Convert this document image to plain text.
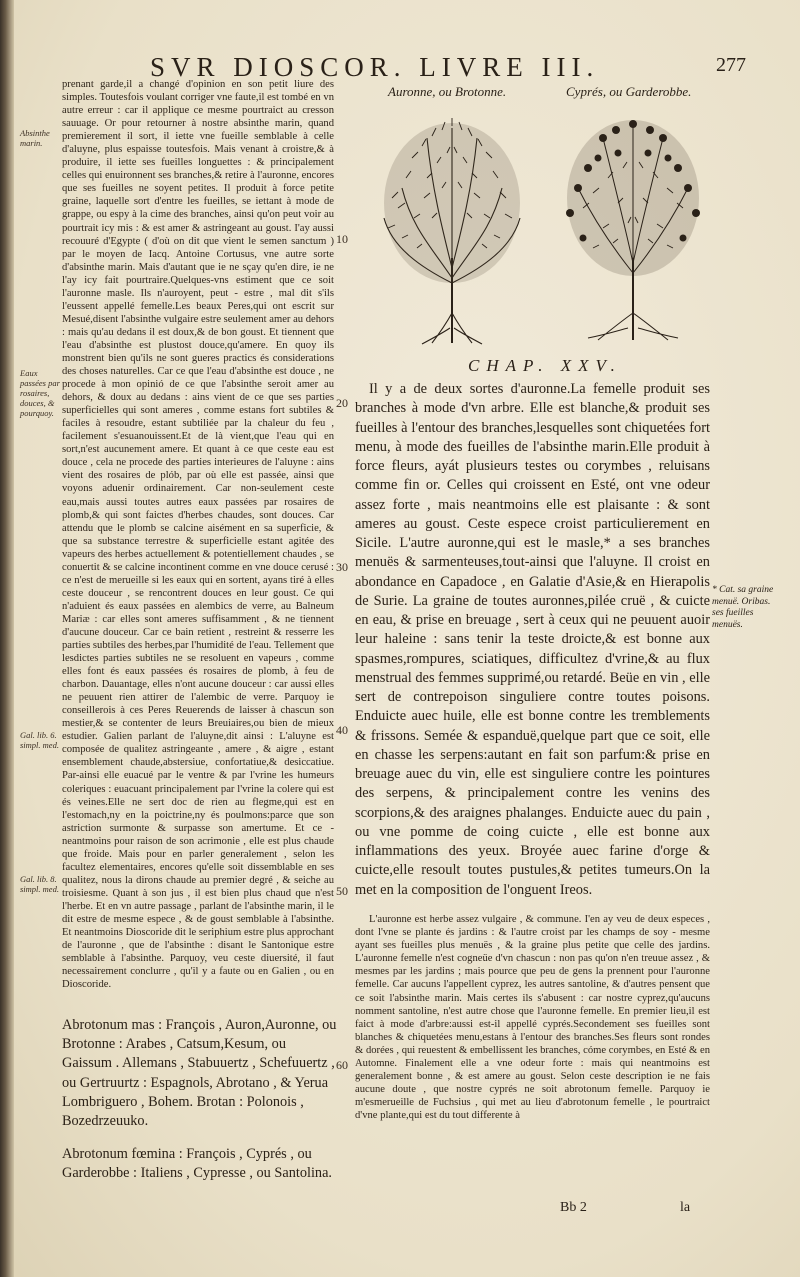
SVR DIOSCOR. LIVRE III.	277
Absinthe marin.
Eaux passées par rosaires, douces, & pourquoy.
Gal. lib. 6. simpl. med.
Gal. lib. 8. simpl. med.

prenant garde,il a changé d'opinion en son petit liure des simples. Toutesfois voulant corriger vne faute,il est tombé en vn autre erreur : car il applique ce mesme pourtraict au cresson sauuage. Or pour retourner à nostre absinthe marin, quand premierement il sort, il iette vne fueille semblable à celle d'aluyne, plus espaisse toutesfois. Mais venant à croistre,& à produire, il iette ses fueilles longuettes : & principalement celles qui enuironnent ses branches,& retire à l'auronne, encores que ses fueilles ne soyent petites. Il produit à force petite graine, laquelle sort d'entre les fueilles, se iettant à mode de grappe, ou espy à la cime des branches, ainsi qu'on peut voir au pourtrait icy mis : & est amer & astringeant au goust. I'ay aussi recouuré d'Egypte ( d'où on dit que vient le semen sanctum ) par le moyen de Iacq. Antoine Cortusus, vne autre sorte d'absinthe marin. Mais d'autant que ie ne sçay qu'en dire, ie ne l'ay icy fait pourtraire.Quelques-vns estiment que ce soit l'auronne masle. Ils n'auroyent, peut - estre , mal dit s'ils l'eussent appellé femelle.Les beaux Peres,qui ont escrit sur Mesué,disent l'absinthe vulgaire estre seulement amer au dehors : mais qu'au dedans il est doux,& de bon goust. Et tiennent que l'eau d'absinthe est plustost douce,qu'amere. En quoy ils monstrent bien qu'ils ne sont gueres practics és considerations des choses naturelles. Car ce que l'eau d'absinthe est douce , ne procede à mon opinió de ce que l'absinthe seroit amer au dehors, & doux au dedans : ains vient de ce que ses parties superficielles qui sont ameres , comme estans fort subtiles & faciles à resoudre, estant subtiliée par la chaleur du feu , facilement s'esuanouissent.Et de là vient,que l'eau qui en sort,n'est aucunement amere. Et quant à ce que ceste eau est douce , cela ne procede des parties interieures de l'aluyne : ains vient des rosaires de plób, par où elle est passée, ainsi que voyons aduenir ordinairement. Car non-seulement ceste eau,mais aussi toutes autres eaux passées par rosaires de plomb,& qui sont faictes d'herbes chaudes, sont douces. Car attendu que le plomb se calcine aisément en sa superficie, & que sa substance terrestre & superficielle estant agitée des vapeurs des herbes actuellement & potentiellement chaudes , se conuertit & se calcine incontinent comme en vne douce cerusé : ce n'est de merueille si les eaux qui en sortent, ayans tiré à elles ceste douceur , se rencontrent douces en leur goust. Ce qui n'aduient és eaux passées en alembics de verre, au Balneum Mariæ : car elles sont ameres suffisamment , & ne tiennent d'aucune douceur. Car ce bain retient , restreint & resserre les parties subtiles des herbes,par l'humidité de l'eau. Tellement que lesdictes parties subtiles ne se resoluent en vapeurs , comme elles font és eaux passées és rosaires de plomb, à feu de charbon. Dauantage, elles n'ont aucune douceur : car aussi elles ne peuuent rien attirer de l'alembic de verre. Parquoy ie conseillerois à ces Peres Reuerends de laisser à chascun son mestier,& se contenter de leurs Breuiaires,ou bien de mieux estudier. Galien parlant de l'aluyne,dit ainsi : L'aluyne est composée de qualitez astringeante , amere , & aigre , estant ensemblement chaude,abstersiue, confortatiue,& desiccatiue. Par-ainsi elle euacué par le ventre & par l'vrine les humeurs coleriques : euacuant principalement par l'vrine la colere qui est és veines.Elle ne sert doc de rien au flegme,qui est en l'estomach,ny en la poictrine,ny és poulmons:parce que son astriction surmonte & surpasse son amertume. Et ce - neantmoins pour raison de son acrimonie , elle est plus chaude que froide. Mais pour en parler generalement , selon les facultez elementaires, encores qu'elle soit dissemblable en ses qualitez, nous la dirons chaude au premier degré , & seiche au troisiesme. Quant à son jus , il est bien plus chaud que n'est l'herbe. Et en vn autre passage , parlant de l'absinthe marin, il le dit estre de mesme espece , & de goust semblable à l'absinthe. Et neantmoins Dioscoride dit le seriphium estre plus approchant de l'auronne , que de l'absinthe : disant le Santonique estre semblable à l'absinthe. Parquoy, veu ceste diuersité, il faut necessairement conclurre , qu'il y a faute ou en Galien , ou en Dioscoride.

10
20
30
40
50
60

Abrotonum mas : François , Auron,Auronne, ou Brotonne : Arabes , Catsum,Kesum, ou Gaissum . Allemans , Stabuuertz , Schefuuertz , ou Gertruurtz : Espagnols, Abrotano , & Yerua Lombriguero , Bohem. Brotan : Polonois , Bozedrzeuuko.

Abrotonum fœmina : François , Cyprés , ou Garderobbe : Italiens , Cypresse , ou Santolina.

Auronne, ou Brotonne.	Cyprés, ou Garderobbe.
CHAP. XXV.

Il y a de deux sortes d'auronne.La femelle produit ses branches à mode d'vn arbre. Elle est blanche,& produit ses fueilles à l'entour des branches,lesquelles sont chiquetées fort menu, à mode des fueilles de l'absinthe marin.Elle produit à force fleurs, ayát plusieurs testes ou corymbes , reluisans comme fin or. Celles qui croissent en Esté, ont vne odeur assez forte , mais neantmoins elle est plaisante : & sont ameres au goust. Ceste espece croist particulierement en Sicile. L'autre auronne,qui est le masle,* a ses branches menuës & sarmenteuses,tout-ainsi que l'aluyne. Il croist en abondance en Capadoce , en Galatie d'Asie,& en Hierapolis de Surie. La graine de toutes auronnes,pilée cruë , & cuicte en eau, & prise en breuage , sert à ceux qui ne peuuent auoir leur haleine : sans tenir la teste droicte,& est bonne aux spasmes,rompures, sciatiques, difficultez d'vrine,& au flux menstrual des femmes supprimé,ou retardé. Beüe en vin , elle sert de contrepoison singuliere contre toutes poisons. Enduicte auec huile, elle est bonne contre les tremblements & frissons. Semée & espanduë,quelque part que ce soit, elle en chasse les serpens:autant en fait son parfum:& prise en breuage auec du vin, elle est singuliere contre les pointures des serpens, & principalement contre les venins des scorpions,& des araignes phalanges. Enduicte auec du pain , ou vne pomme de coing cuicte , elle est bonne aux inflammations des yeux. Broyée auec farine d'orge & cuicte,elle resoult toutes pustules,& petites tumeurs.On la met en la composition de l'onguent Ireos.

* Cat. sa graine menuë. Oribas. ses fueilles menuës.

L'auronne est herbe assez vulgaire , & commune. I'en ay veu de deux especes , dont l'vne se plante és jardins : & l'autre croist par les champs de soy - mesme ayant ses fueilles plus menuës , & la graine plus petite que celle des jardins. L'auronne femelle n'est cogneüe d'vn chascun : non pas qu'on n'en treuue assez , & mesmes par les jardins ; mais pource que peu de gens la prennent pour l'auronne femelle. Car aucuns l'appellent cyprez, les autres santoline, & d'autres pensent que ce soit l'absinthe marin. Mais certes ils s'abusent : car nostre cyprez,qu'aucuns nomment santoline, n'est autre chose que l'auronne femelle. En premier lieu,il est faict à mode d'arbre:aussi est-il appellé cyprés.Secondement ses fueilles sont blanches & chiquetées menu,estans à l'entour des branches.Ses fleurs sont rondes & dorées , qui reuestent & embellissent les branches, cóme corymbes, en Esté & en Automne. Finalement elle a vne odeur forte : mais qui neantmoins est generalement bonne , & est amere au goust. Selon ceste description ie ne fais aucune doute , que nostre cyprés ne soit abrotonum femelle. Parquoy ie m'esmerueille de Fuchsius , qui met au lieu d'abrotonum femelle , le pourtraict d'vne plante,qui est du tout differente à

Bb 2	la
